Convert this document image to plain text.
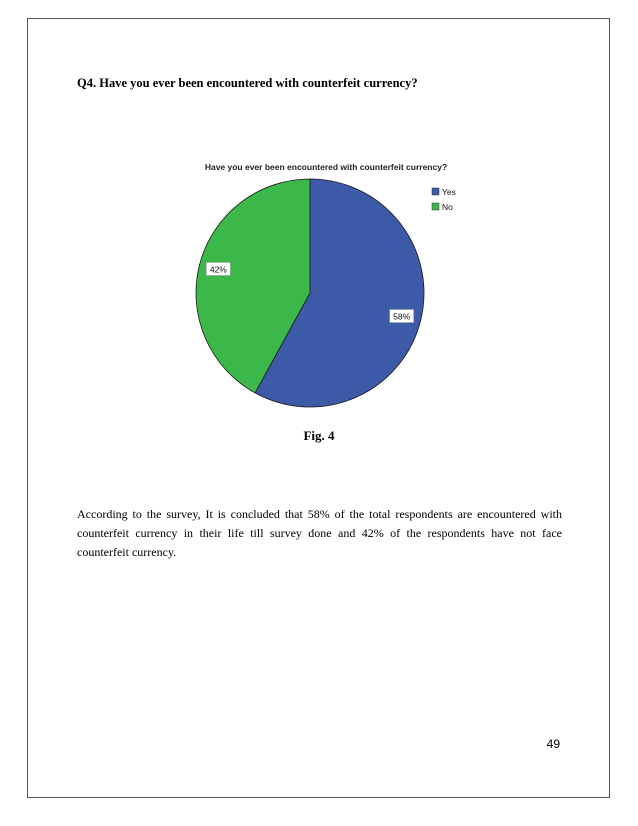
Q4. Have you ever been encountered with counterfeit currency?
Have you ever been encountered with counterfeit currency?
58%
42%
Yes
No
Fig. 4

According to the survey, It is concluded that 58% of the total respondents are encountered with counterfeit currency in their life till survey done and 42% of the respondents have not face counterfeit currency.

49
